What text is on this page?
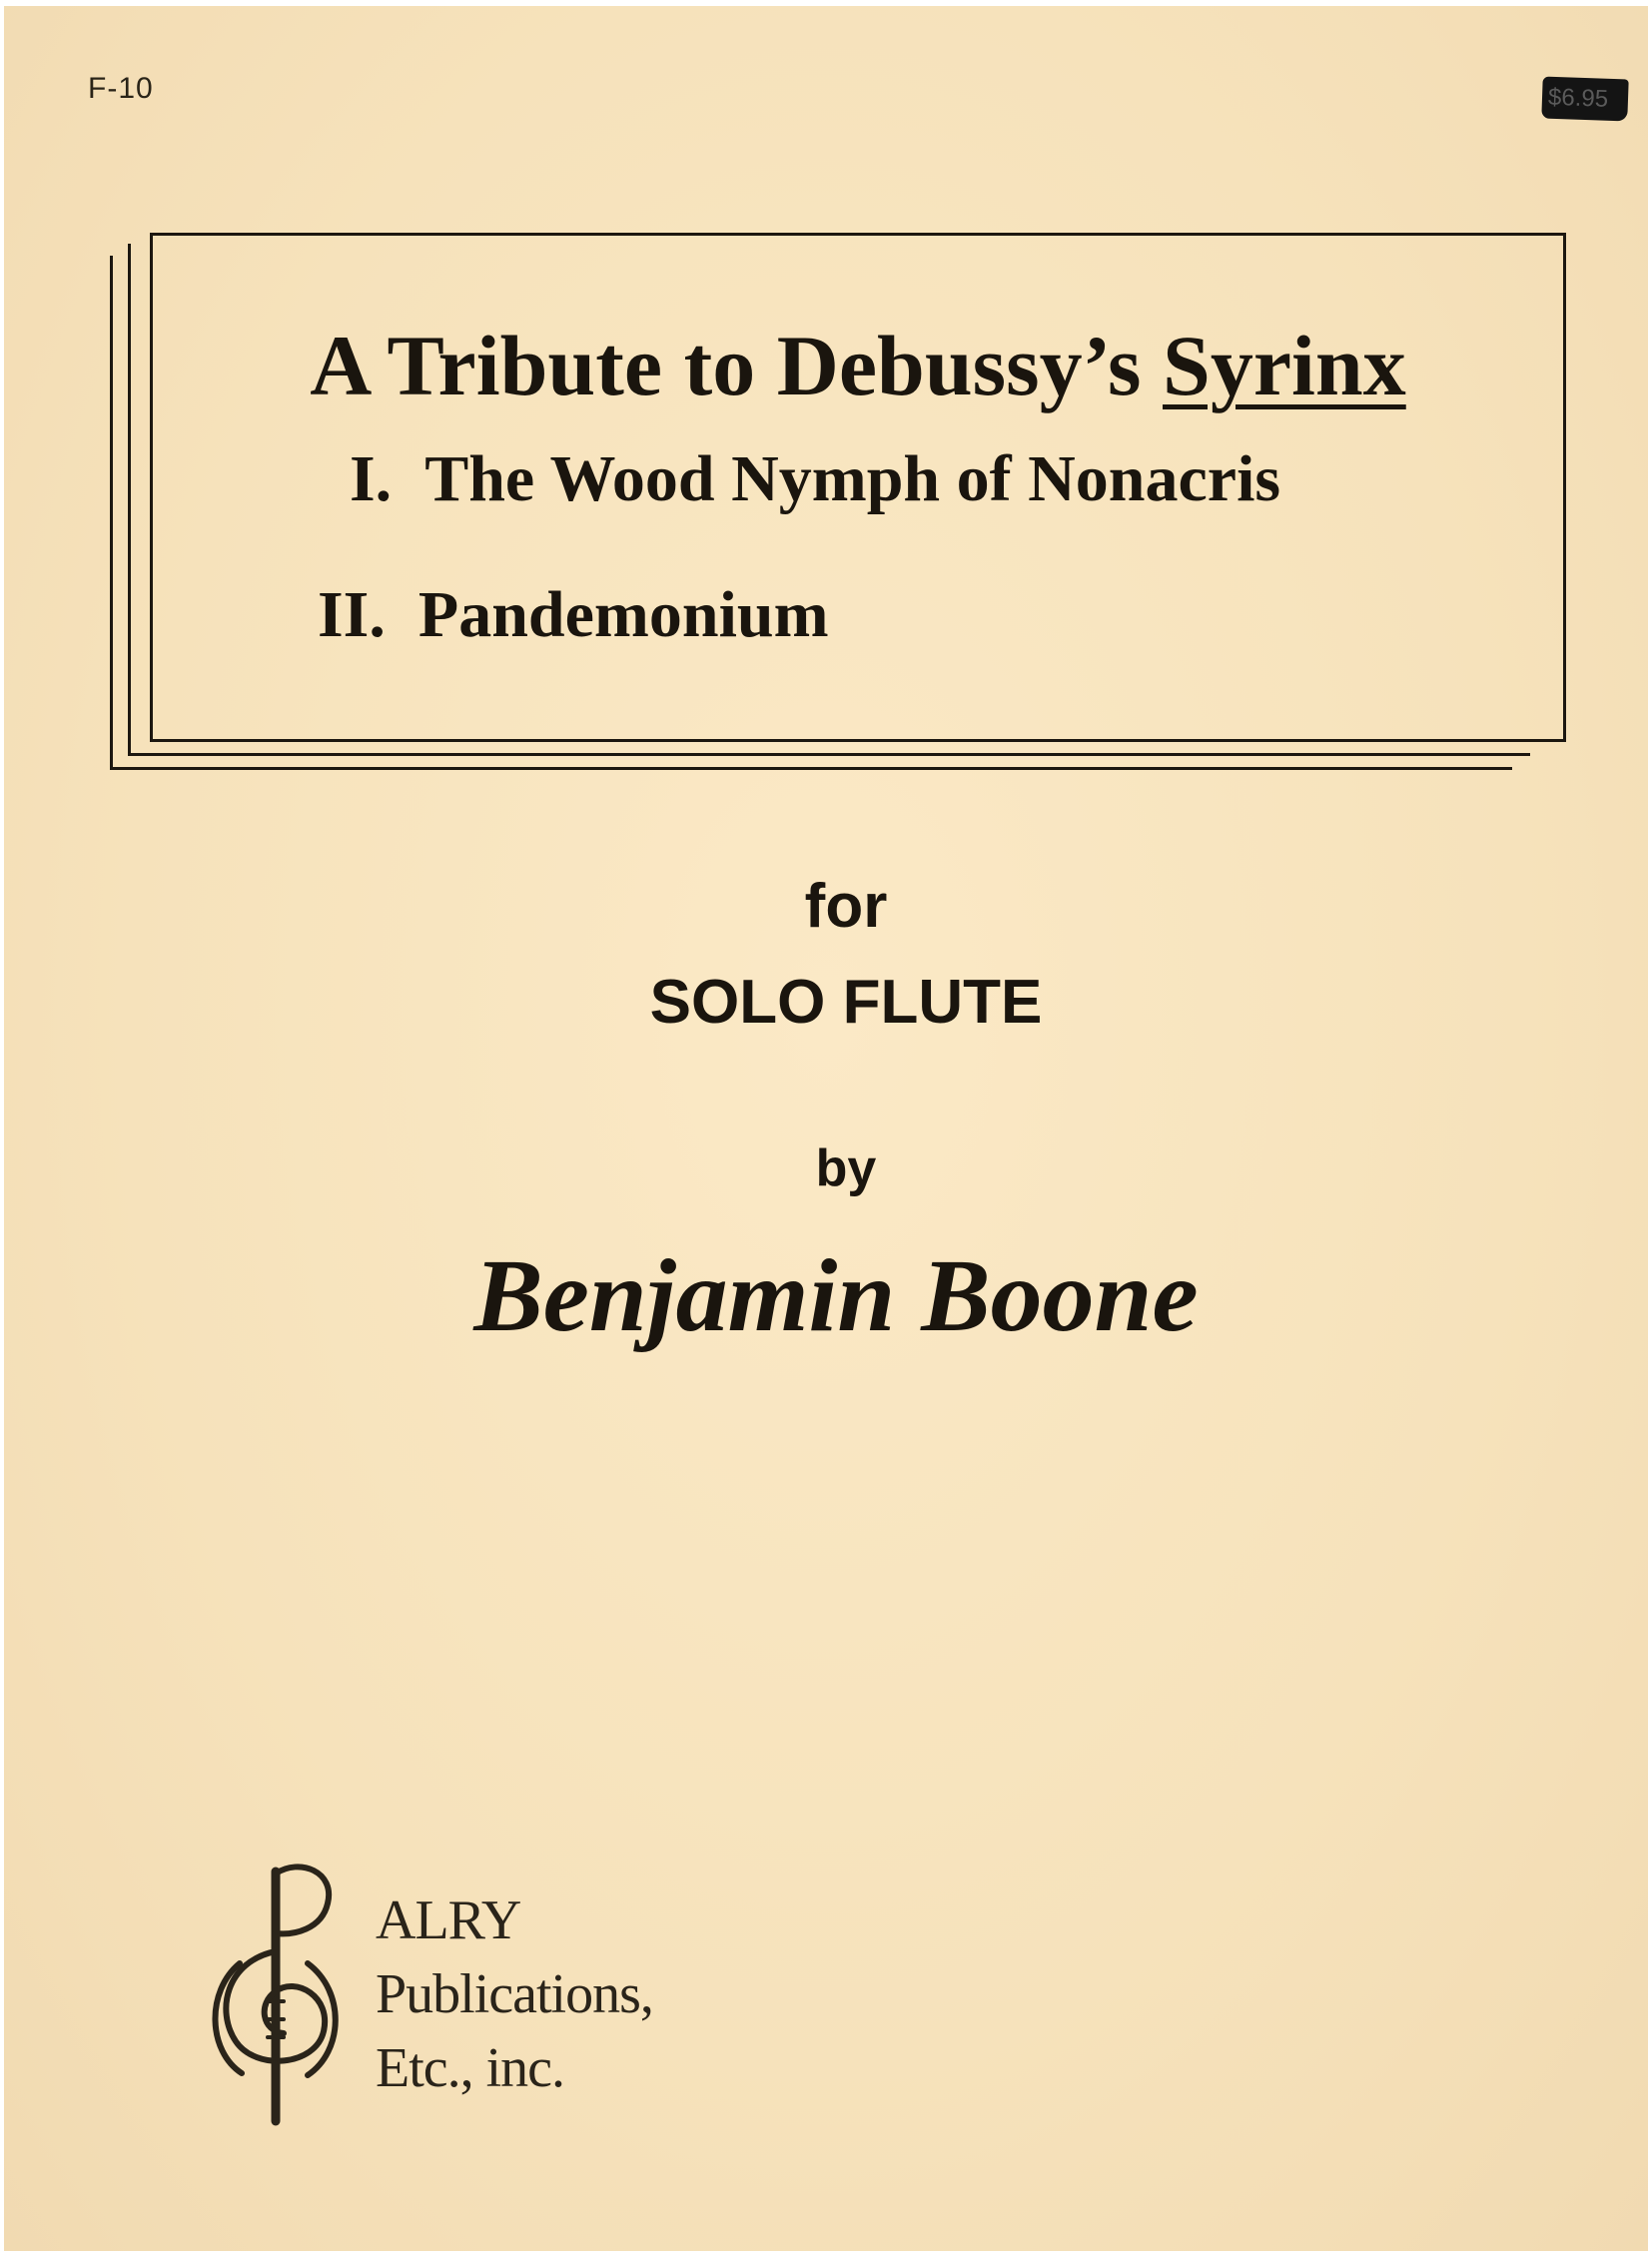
F-10	$6.95
A Tribute to Debussy’s Syrinx
I. The Wood Nymph of Nonacris
II. Pandemonium
for
SOLO FLUTE
by
Benjamin Boone
ALRY
Publications,
Etc., inc.
